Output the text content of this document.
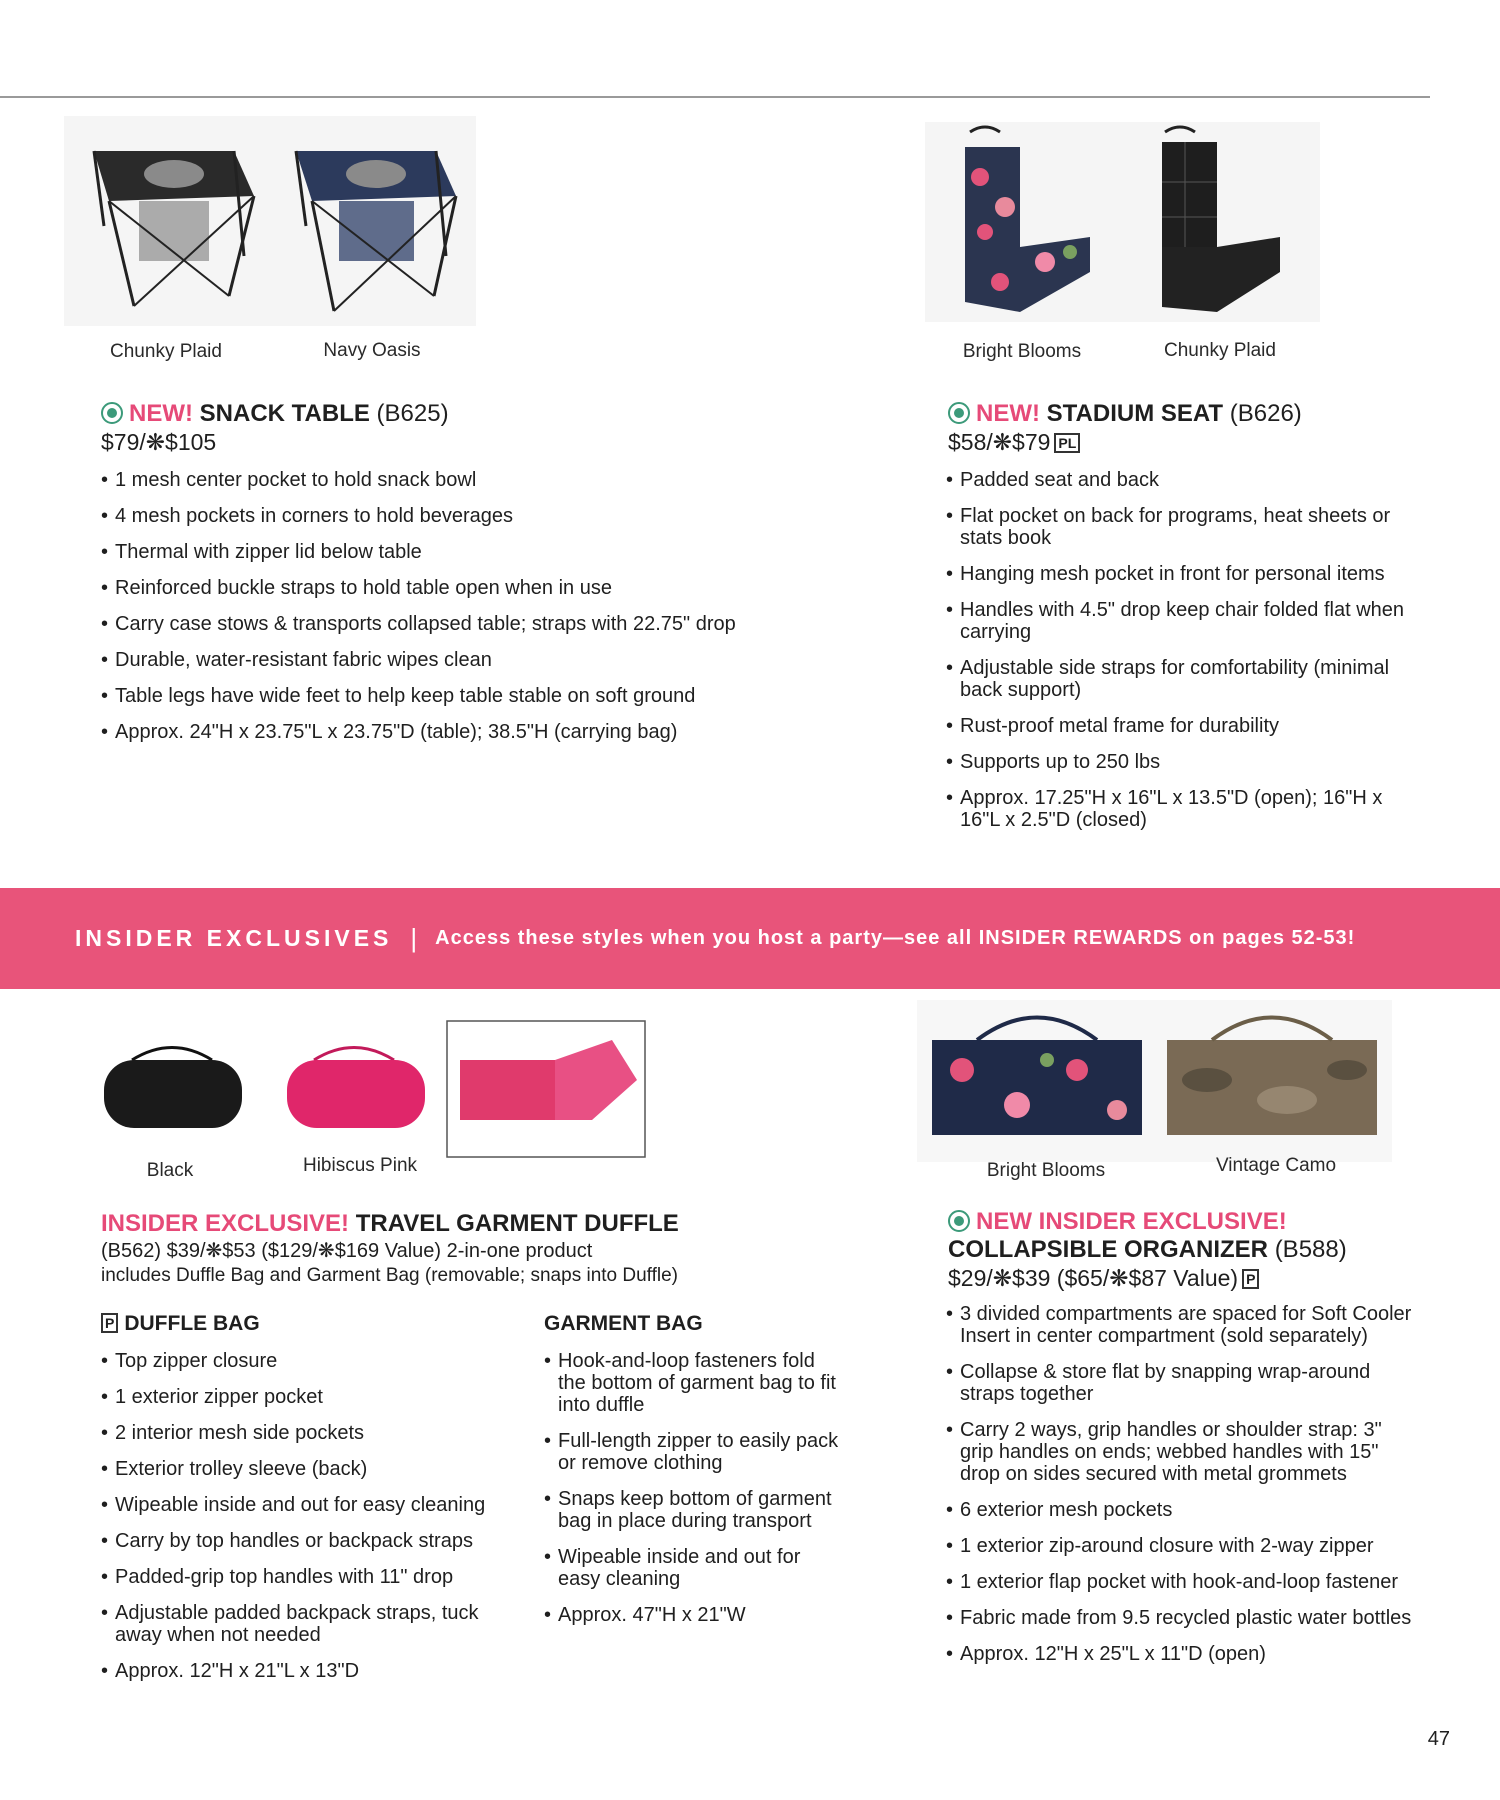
Chunky Plaid	Navy Oasis
NEW! SNACK TABLE (B625)
$79/❋$105
• 1 mesh center pocket to hold snack bowl
• 4 mesh pockets in corners to hold beverages
• Thermal with zipper lid below table
• Reinforced buckle straps to hold table open when in use
• Carry case stows & transports collapsed table; straps with 22.75" drop
• Durable, water-resistant fabric wipes clean
• Table legs have wide feet to help keep table stable on soft ground
• Approx. 24"H x 23.75"L x 23.75"D (table); 38.5"H (carrying bag)
Bright Blooms	Chunky Plaid
NEW! STADIUM SEAT (B626)
$58/❋$79 PL
• Padded seat and back
• Flat pocket on back for programs, heat sheets or stats book
• Hanging mesh pocket in front for personal items
• Handles with 4.5" drop keep chair folded flat when carrying
• Adjustable side straps for comfortability (minimal back support)
• Rust-proof metal frame for durability
• Supports up to 250 lbs
• Approx. 17.25"H x 16"L x 13.5"D (open); 16"H x 16"L x 2.5"D (closed)
INSIDER EXCLUSIVES | Access these styles when you host a party—see all INSIDER REWARDS on pages 52-53!
Black	Hibiscus Pink
INSIDER EXCLUSIVE! TRAVEL GARMENT DUFFLE
(B562) $39/❋$53 ($129/❋$169 Value) 2-in-one product
includes Duffle Bag and Garment Bag (removable; snaps into Duffle)
P DUFFLE BAG
• Top zipper closure
• 1 exterior zipper pocket
• 2 interior mesh side pockets
• Exterior trolley sleeve (back)
• Wipeable inside and out for easy cleaning
• Carry by top handles or backpack straps
• Padded-grip top handles with 11" drop
• Adjustable padded backpack straps, tuck away when not needed
• Approx. 12"H x 21"L x 13"D
GARMENT BAG
• Hook-and-loop fasteners fold the bottom of garment bag to fit into duffle
• Full-length zipper to easily pack or remove clothing
• Snaps keep bottom of garment bag in place during transport
• Wipeable inside and out for easy cleaning
• Approx. 47"H x 21"W
Bright Blooms	Vintage Camo
NEW INSIDER EXCLUSIVE!
COLLAPSIBLE ORGANIZER (B588)
$29/❋$39 ($65/❋$87 Value) P
• 3 divided compartments are spaced for Soft Cooler Insert in center compartment (sold separately)
• Collapse & store flat by snapping wrap-around straps together
• Carry 2 ways, grip handles or shoulder strap: 3" grip handles on ends; webbed handles with 15" drop on sides secured with metal grommets
• 6 exterior mesh pockets
• 1 exterior zip-around closure with 2-way zipper
• 1 exterior flap pocket with hook-and-loop fastener
• Fabric made from 9.5 recycled plastic water bottles
• Approx. 12"H x 25"L x 11"D (open)
47
